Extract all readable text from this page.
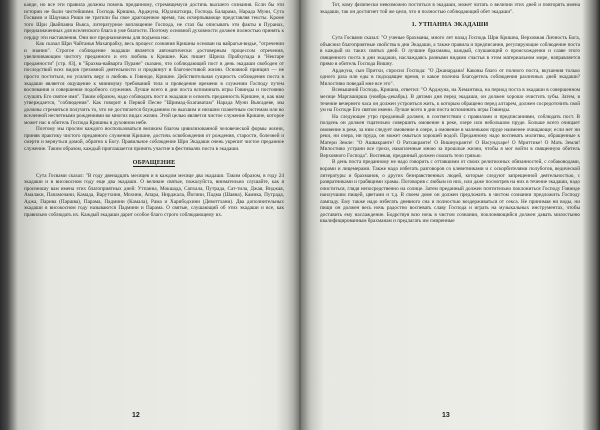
канде, но все эти правила должны помочь преданному, стремящемуся достичь высшего сознания. Если бы эти истории не были чистейшими. Господь Кришна, Арджуна, Юдхиштхира, Господь Баларама, Нарада Муни, Сута Госвами и Шаунака Риши не тратили бы свое драгоценное время, так исчерпывающе представляя тексты. Кроме того Шри Двайпаяна Вьяса, литературное воплощение Господа, не стал бы описывать эти факты в Пуранах, предназначенных для вселенского блага в уме благости. Поэтому основной духовности должен полностью принять к сердцу эти наставления. Они все предназначены для подъема нас.

Как сказал Шри Чайтанья Махапрабху, весь процесс сознания Кришны основан на вайрагья-видье, "отречении и знании". Строгое соблюдение экадаши является автоматически достоверным процессом отречения, увеличивающим чистоту преданного и его любовь к Кришне. Как пишет Шрила Прабхупада в "Нектаре преданности" [стр. 83], в "Брахма-вайварта Пуране" сказано, что соблюдающий пост в день экадаши свободен от последствий всех видов греховной деятельности и продвинут в благочестивой жизни. Основной принцип — не просто поститься, но усилить веру и любовь к Говинде, Кришне. Действительная сущность соблюдения поста в экадаши является ощущение к минимуму требований тела и проведение времени в служении Господу путем воспевания и совершения подобного служения. Лучше всего в дни поста вспоминать игры Говинды и постоянно слушать Его святое имя". Таким образом, надо соблюдать пост в экадаши и освоить преданность Кришне, и, как нам утверждается, "соблюдения". Как говорит в Первой Песне "Шримад-Бхагаватам" Нарада Муни Вьясадеве, мы должны стремиться получить то, что не достигается блужданием по высшим и низшим планетным системам или во вселенной несчетными рождениями во многих видах жизни. Этой целью является чистое служение Кришне, которое может нас в обитель Господа Кришны в духовном небе.

Поэтому мы просим каждого воспользоваться великим благом цивилизованной человеческой формы жизни, приняв практику чистого преданного служения Кришне, достичь освобождения от рождения, старости, болезней и смерти и вернуться домой, обратно к Богу. Правильное соблюдение Шри Экадаши очень укрепит чистое преданное служение. Таким образом, каждый приглашается принять участие в фестивалях поста в экадаши.

ОБРАЩЕНИЕ

Сута Госвами сказал: "В году двенадцать месяцев и в каждом месяце два экадаши. Таким образом, в году 24 экадаши и в високосном году еще два экадаши. О великие святые, пожалуйста, внимательно слушайте, как я произношу вам имена этих благоприятных дней: Утпанна, Мокшада, Сапхала, Путрада, Сат-тила, Джая, Виджая, Амалаки, Папамочани, Камада, Варутхини, Мохини, Апара, Нирджала, Йогини, Падма (Шаяна), Камика, Путрада, Аджа, Парива (Паршва), Парама, Падмини (Камала), Рама и Харибодхини (Девоттхани). Два дополнительных экадаши в високосном году называются Падмини и Парама. О святые, слушающий об этих экадаши и все, как правильно соблюдать их. Каждый экадаши дарит особое благо строго соблюдающему их.

12

Тот, кому физически невозможно поститься в экадаши, может читать о величии этих дней и повторять имена экадаши, так он достигнет той же цели, что и полностью соблюдающий обет экадаши".

1. УТПАННА ЭКАДАШИ

Сута Госвами сказал: "О ученые брахманы, много лет назад Господь Шри Кришна, Верховная Личность Бога, объяснил благоприятные свойства в дни Экадаши, а также правила и предписания, регулирующие соблюдение поста в каждый их таких святых дней. О лучшие брахманы, каждый, слушающий о происхождении и славе этого священного поста в дни экадаши, наслаждаясь разными видами счастья в этом материальном мире, направляется прямо в обитель Господа Вишну.

Арджуна, сын Притхи, спросил Господа: "О Джанардана! Каковы благо от полного поста, вкушения только одного раза или еды в подходящее время, и какое полезна благодетель соблюдения различных дней экадаши? Милостиво поведай мне все это".

Всевышний Господь, Кришна, ответил: "О Арджуна, на Хемантика, на период поста в экадаши в совершенном месяце Маргаширша (ноябрь-декабрь). В дятами дня перед экадаши, он должен хорошо очистить зубы. Затем, в течение вечернего часа он должен устроиться жить, к которым обращено перед алтарем, должен сосредоточить свой ум на Господе Его святом имени. Лучше всего в дни поста вспоминать игры Говинды.

На следующее утро преданный должен, в соответствии с правилами и предписаниями, соблюдать пост. В полдень он должен тщательно совершить омовение в реке, озере или небольшом пруде. Больше всего очищает омовение в реке, за ним следует омовение в озере, а омовение в маленьком пруде наименее очищающе; если нет ни реки, ни озера, ни пруда, он может омыться хорошей водой. Преданному надо воспевать молитвы, обращенные к Матери Земле: "О Ашвакранте! О Ратхакранте! О Вишнукранте! О Васундхаре! О Мриттике! О Мать Земля! Милостиво устрани все грехи, накопленные мною за прошлые жизни, чтобы я мог войти в священную обитель Верховного Господа". Воспевая, преданный должен смазать тело грязью.

В день поста преданному не надо говорить с оттавшими от своих религиозных обязанностей, с собаководами, ворами и лицемерами. Также надо избегать разговоров со клеветниками и с оскорбителями полубогов, ведической литературы и брахманов, о других безнравственных людей, которые следуют запрещенной деятельностью, с развратниками и грабящими храмы. Поговорив с любым из них, или даже посмотрев на них в течение экадаши, надо очиститься, глядя непосредственно на солнце. Затем преданный должен почтительно поклониться Господу Говинде наилучшим пищей, цветами и т.д. В своем доме он должен предложить в чистом сознании предложить Господу лампаду. Ему также надо избегать дневного сна и полностью воздерживаться от секса. Не принимая ни воды, ни пищи он должен весь ночь радостно воспевать славу Господа и играть на музыкальных инструментах, чтобы доставить ему наслаждение. Бодрствуя всю ночь в чистом сознании, поклоняющийся должен давать милостыню квалифицированным брахманам и предлагать им смиренные

13
